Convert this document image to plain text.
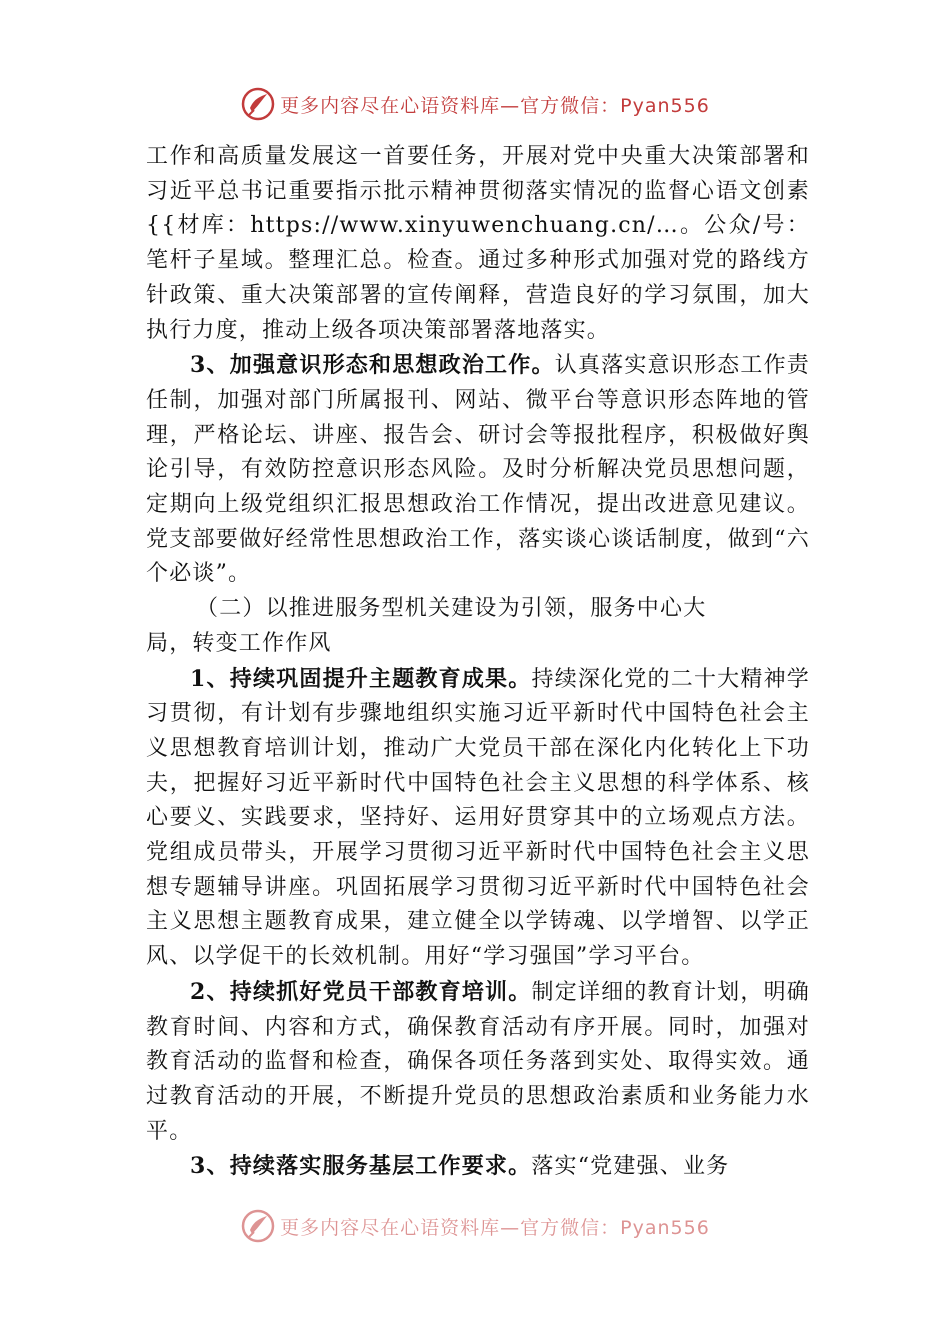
更多内容尽在心语资料库—官方微信：Pyan556

工作和高质量发展这一首要任务，开展对党中央重大决策部署和习近平总书记重要指示批示精神贯彻落实情况的监督心语文创素{{材库：https://www.xinyuwenchuang.cn/…。公众/号：笔杆子星域。整理汇总。检查。通过多种形式加强对党的路线方针政策、重大决策部署的宣传阐释，营造良好的学习氛围，加大执行力度，推动上级各项决策部署落地落实。

3、加强意识形态和思想政治工作。认真落实意识形态工作责任制，加强对部门所属报刊、网站、微平台等意识形态阵地的管理，严格论坛、讲座、报告会、研讨会等报批程序，积极做好舆论引导，有效防控意识形态风险。及时分析解决党员思想问题，定期向上级党组织汇报思想政治工作情况，提出改进意见建议。党支部要做好经常性思想政治工作，落实谈心谈话制度，做到“六个必谈”。

（二）以推进服务型机关建设为引领，服务中心大
局，转变工作作风

1、持续巩固提升主题教育成果。持续深化党的二十大精神学习贯彻，有计划有步骤地组织实施习近平新时代中国特色社会主义思想教育培训计划，推动广大党员干部在深化内化转化上下功夫，把握好习近平新时代中国特色社会主义思想的科学体系、核心要义、实践要求，坚持好、运用好贯穿其中的立场观点方法。党组成员带头，开展学习贯彻习近平新时代中国特色社会主义思想专题辅导讲座。巩固拓展学习贯彻习近平新时代中国特色社会主义思想主题教育成果，建立健全以学铸魂、以学增智、以学正风、以学促干的长效机制。用好“学习强国”学习平台。

2、持续抓好党员干部教育培训。制定详细的教育计划，明确教育时间、内容和方式，确保教育活动有序开展。同时，加强对教育活动的监督和检查，确保各项任务落到实处、取得实效。通过教育活动的开展，不断提升党员的思想政治素质和业务能力水平。

3、持续落实服务基层工作要求。落实“党建强、业务

更多内容尽在心语资料库—官方微信：Pyan556
